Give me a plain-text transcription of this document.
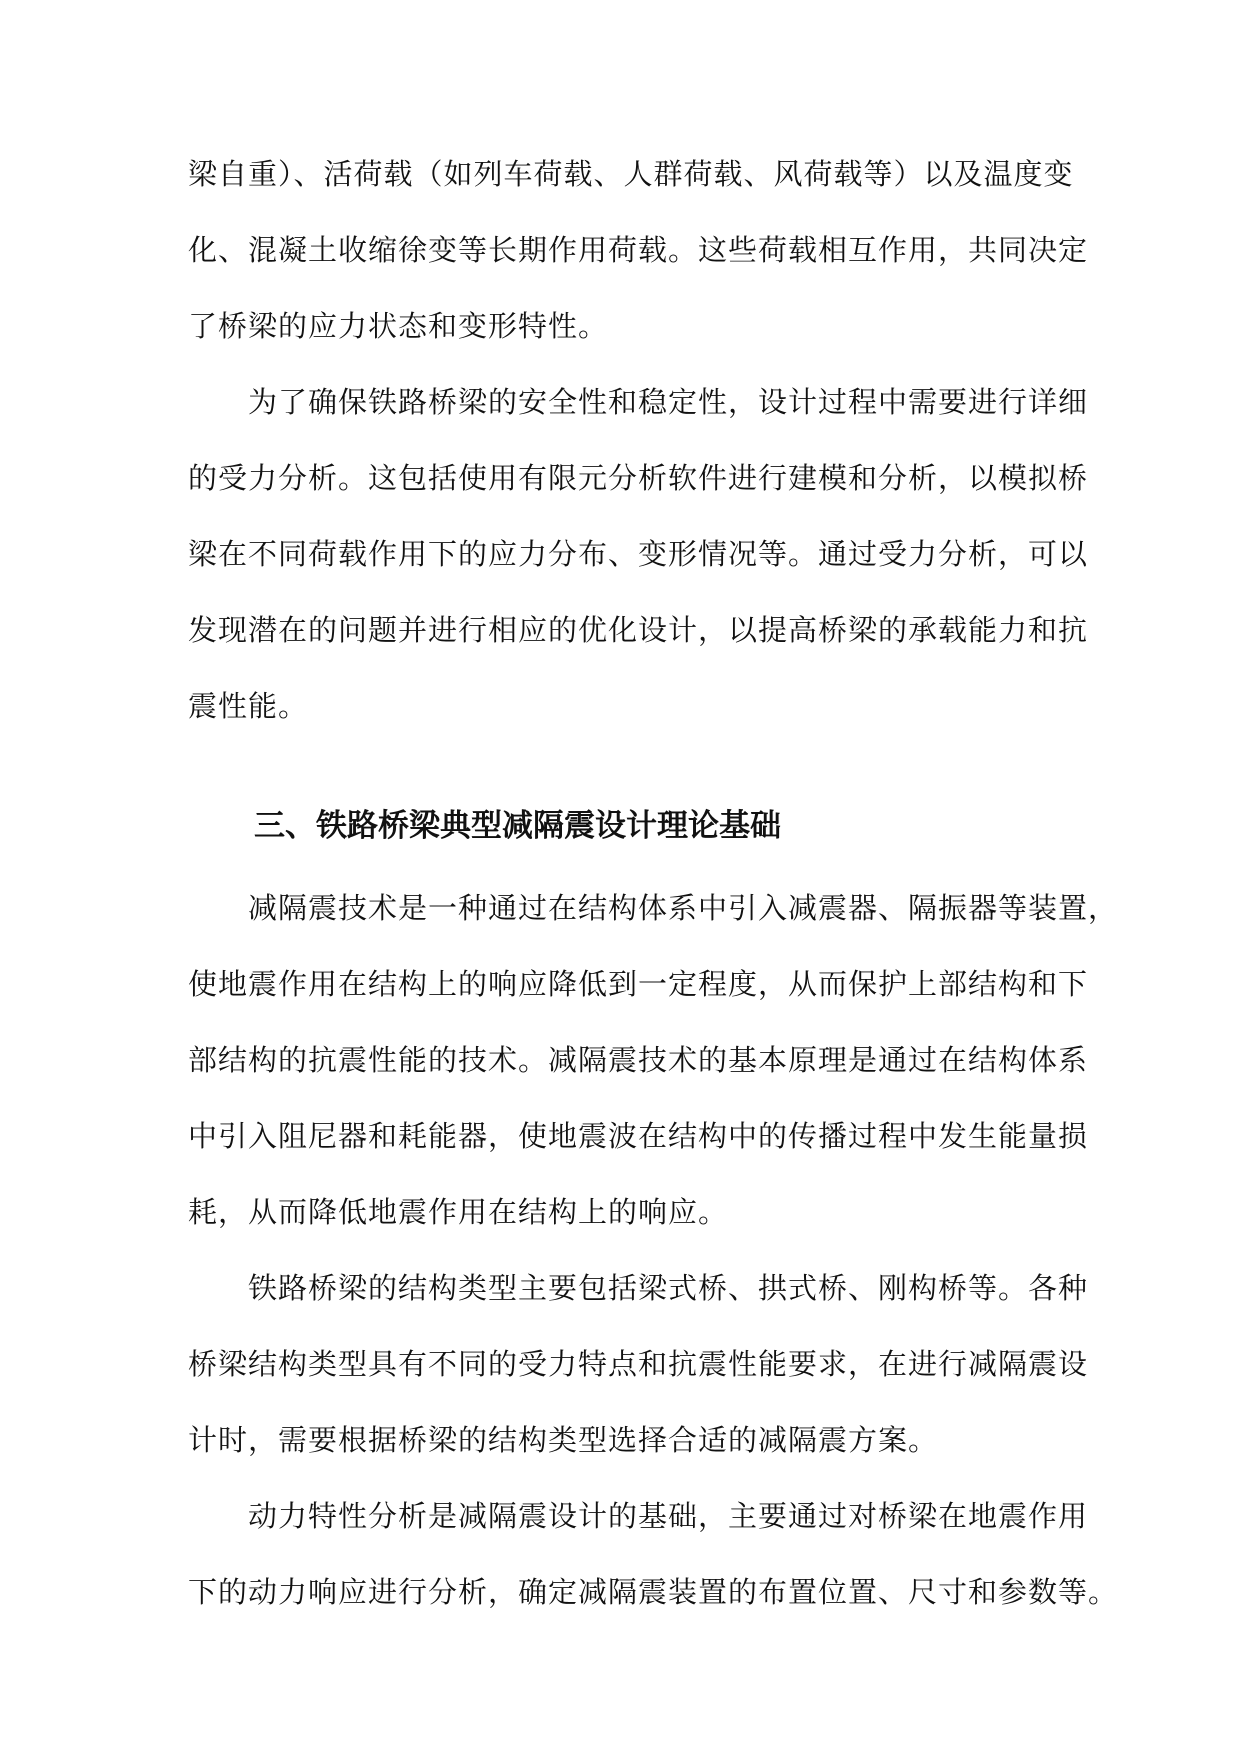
梁自重）、活荷载（如列车荷载、人群荷载、风荷载等）以及温度变
化、混凝土收缩徐变等长期作用荷载。这些荷载相互作用，共同决定
了桥梁的应力状态和变形特性。
为了确保铁路桥梁的安全性和稳定性，设计过程中需要进行详细
的受力分析。这包括使用有限元分析软件进行建模和分析，以模拟桥
梁在不同荷载作用下的应力分布、变形情况等。通过受力分析，可以
发现潜在的问题并进行相应的优化设计，以提高桥梁的承载能力和抗
震性能。
三、铁路桥梁典型减隔震设计理论基础
减隔震技术是一种通过在结构体系中引入减震器、隔振器等装置，
使地震作用在结构上的响应降低到一定程度，从而保护上部结构和下
部结构的抗震性能的技术。减隔震技术的基本原理是通过在结构体系
中引入阻尼器和耗能器，使地震波在结构中的传播过程中发生能量损
耗，从而降低地震作用在结构上的响应。
铁路桥梁的结构类型主要包括梁式桥、拱式桥、刚构桥等。各种
桥梁结构类型具有不同的受力特点和抗震性能要求，在进行减隔震设
计时，需要根据桥梁的结构类型选择合适的减隔震方案。
动力特性分析是减隔震设计的基础，主要通过对桥梁在地震作用
下的动力响应进行分析，确定减隔震装置的布置位置、尺寸和参数等。
